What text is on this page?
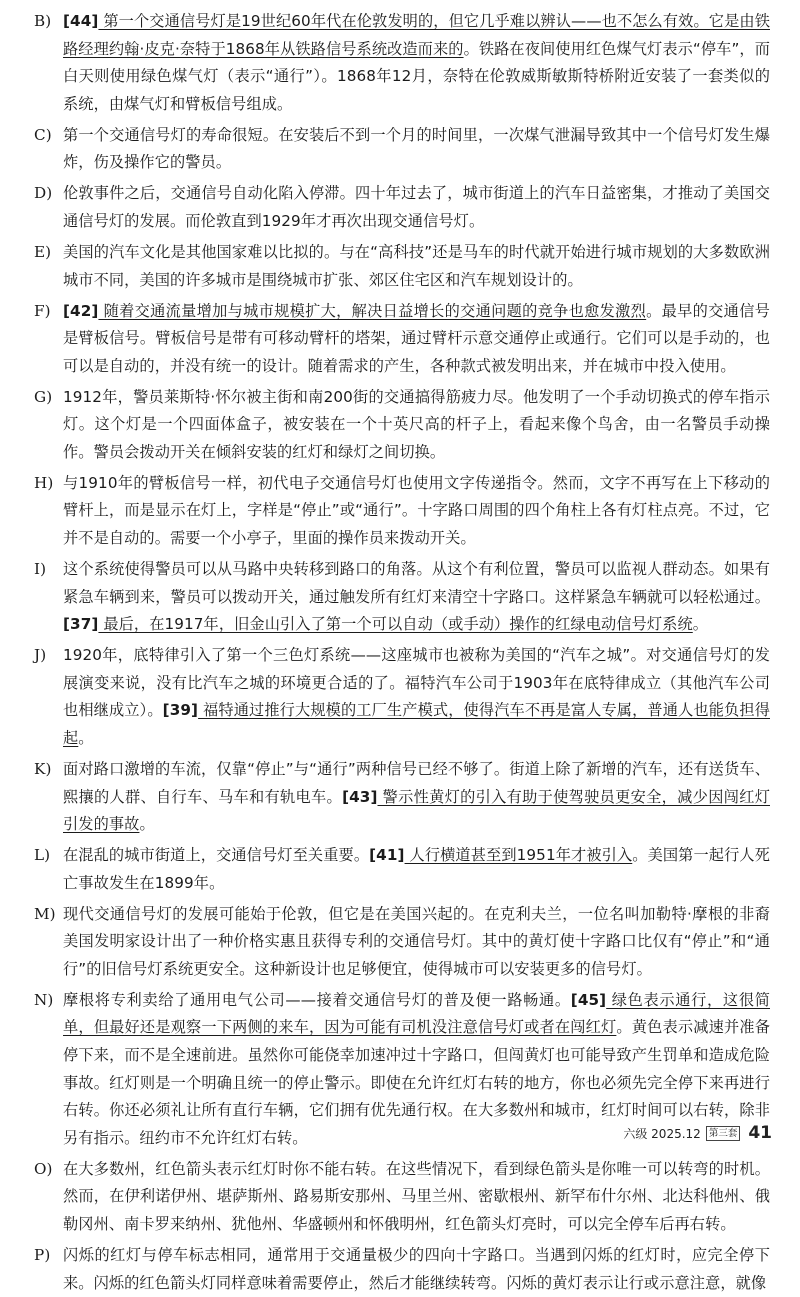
B) [44] 第一个交通信号灯是19世纪60年代在伦敦发明的，但它几乎难以辨认——也不怎么有效。它是由铁路经理约翰·皮克·奈特于1868年从铁路信号系统改造而来的。铁路在夜间使用红色煤气灯表示“停车”，而白天则使用绿色煤气灯（表示“通行”）。1868年12月，奈特在伦敦威斯敏斯特桥附近安装了一套类似的系统，由煤气灯和臂板信号组成。
C) 第一个交通信号灯的寿命很短。在安装后不到一个月的时间里，一次煤气泄漏导致其中一个信号灯发生爆炸，伤及操作它的警员。
D) 伦敦事件之后，交通信号自动化陷入停滞。四十年过去了，城市街道上的汽车日益密集，才推动了美国交通信号灯的发展。而伦敦直到1929年才再次出现交通信号灯。
E) 美国的汽车文化是其他国家难以比拟的。与在“高科技”还是马车的时代就开始进行城市规划的大多数欧洲城市不同，美国的许多城市是围绕城市扩张、郊区住宅区和汽车规划设计的。
F) [42] 随着交通流量增加与城市规模扩大，解决日益增长的交通问题的竞争也愈发激烈。最早的交通信号是臂板信号。臂板信号是带有可移动臂杆的塔架，通过臂杆示意交通停止或通行。它们可以是手动的，也可以是自动的，并没有统一的设计。随着需求的产生，各种款式被发明出来，并在城市中投入使用。
G) 1912年，警员莱斯特·怀尔被主街和南200街的交通搞得筋疲力尽。他发明了一个手动切换式的停车指示灯。这个灯是一个四面体盒子，被安装在一个十英尺高的杆子上，看起来像个鸟舍，由一名警员手动操作。警员会拨动开关在倾斜安装的红灯和绿灯之间切换。
H) 与1910年的臂板信号一样，初代电子交通信号灯也使用文字传递指令。然而，文字不再写在上下移动的臂杆上，而是显示在灯上，字样是“停止”或“通行”。十字路口周围的四个角柱上各有灯柱点亮。不过，它并不是自动的。需要一个小亭子，里面的操作员来拨动开关。
I)	这个系统使得警员可以从马路中央转移到路口的角落。从这个有利位置，警员可以监视人群动态。如果有紧急车辆到来，警员可以拨动开关，通过触发所有红灯来清空十字路口。这样紧急车辆就可以轻松通过。[37] 最后，在1917年，旧金山引入了第一个可以自动（或手动）操作的红绿电动信号灯系统。
J)	1920年，底特律引入了第一个三色灯系统——这座城市也被称为美国的“汽车之城”。对交通信号灯的发展演变来说，没有比汽车之城的环境更合适的了。福特汽车公司于1903年在底特律成立（其他汽车公司也相继成立）。[39] 福特通过推行大规模的工厂生产模式，使得汽车不再是富人专属，普通人也能负担得起。
K) 面对路口激增的车流，仅靠“停止”与“通行”两种信号已经不够了。街道上除了新增的汽车，还有送货车、熙攘的人群、自行车、马车和有轨电车。[43] 警示性黄灯的引入有助于使驾驶员更安全，减少因闯红灯引发的事故。
L) 在混乱的城市街道上，交通信号灯至关重要。[41] 人行横道甚至到1951年才被引入。美国第一起行人死亡事故发生在1899年。
M) 现代交通信号灯的发展可能始于伦敦，但它是在美国兴起的。在克利夫兰，一位名叫加勒特·摩根的非裔美国发明家设计出了一种价格实惠且获得专利的交通信号灯。其中的黄灯使十字路口比仅有“停止”和“通行”的旧信号灯系统更安全。这种新设计也足够便宜，使得城市可以安装更多的信号灯。
N) 摩根将专利卖给了通用电气公司——接着交通信号灯的普及便一路畅通。[45] 绿色表示通行，这很简单，但最好还是观察一下两侧的来车，因为可能有司机没注意信号灯或者在闯红灯。黄色表示减速并准备停下来，而不是全速前进。虽然你可能侥幸加速冲过十字路口，但闯黄灯也可能导致产生罚单和造成危险事故。红灯则是一个明确且统一的停止警示。即使在允许红灯右转的地方，你也必须先完全停下来再进行右转。你还必须礼让所有直行车辆，它们拥有优先通行权。在大多数州和城市，红灯时间可以右转，除非另有指示。纽约市不允许红灯右转。
O) 在大多数州，红色箭头表示红灯时你不能右转。在这些情况下，看到绿色箭头是你唯一可以转弯的时机。然而，在伊利诺伊州、堪萨斯州、路易斯安那州、马里兰州、密歇根州、新罕布什尔州、北达科他州、俄勒冈州、南卡罗来纳州、犹他州、华盛顿州和怀俄明州，红色箭头灯亮时，可以完全停车后再右转。
P) 闪烁的红灯与停车标志相同，通常用于交通量极少的四向十字路口。当遇到闪烁的红灯时，应完全停下来。闪烁的红色箭头灯同样意味着需要停止，然后才能继续转弯。闪烁的黄灯表示让行或示意注意，就像
六级 2025.12 第三套 41
